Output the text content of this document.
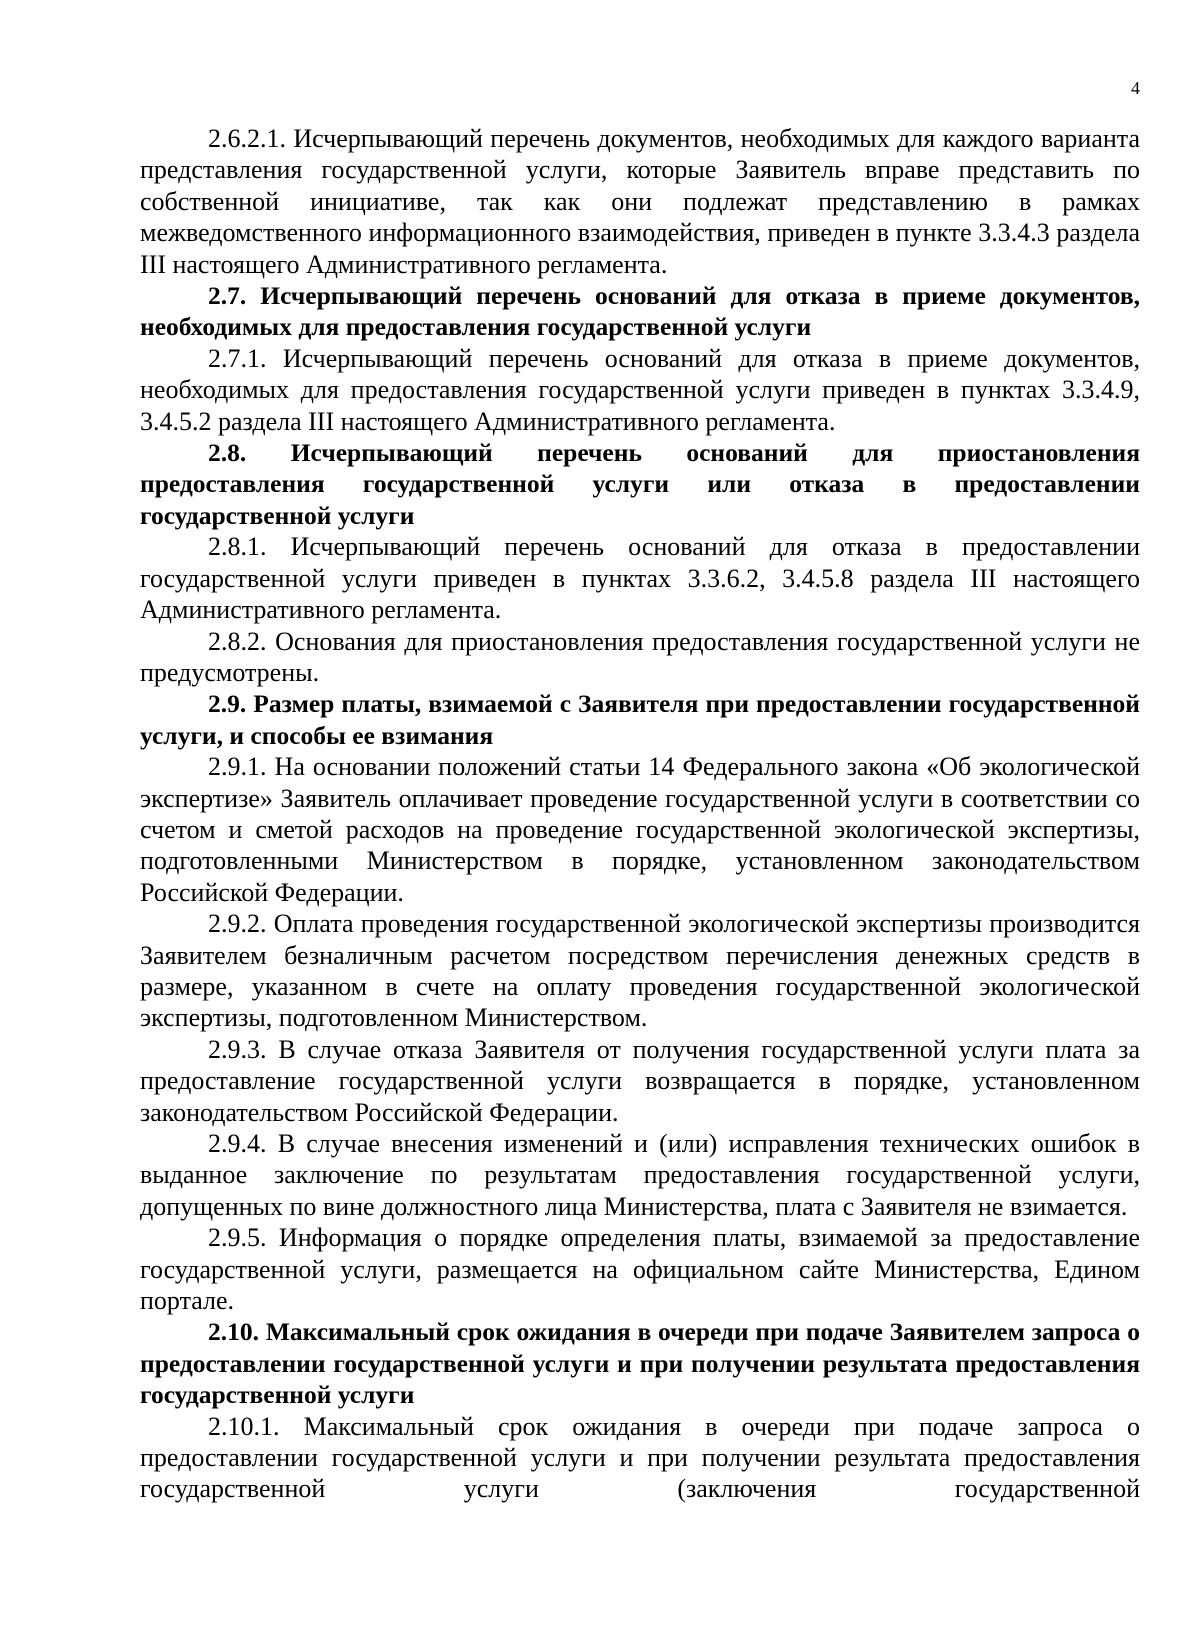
4

2.6.2.1. Исчерпывающий перечень документов, необходимых для каждого варианта представления государственной услуги, которые Заявитель вправе представить по собственной инициативе, так как они подлежат представлению в рамках межведомственного информационного взаимодействия, приведен в пункте 3.3.4.3 раздела III настоящего Административного регламента.

2.7. Исчерпывающий перечень оснований для отказа в приеме документов, необходимых для предоставления государственной услуги

2.7.1. Исчерпывающий перечень оснований для отказа в приеме документов, необходимых для предоставления государственной услуги приведен в пунктах 3.3.4.9, 3.4.5.2 раздела III настоящего Административного регламента.

2.8. Исчерпывающий перечень оснований для приостановления предоставления государственной услуги или отказа в предоставлении государственной услуги

2.8.1. Исчерпывающий перечень оснований для отказа в предоставлении государственной услуги приведен в пунктах 3.3.6.2, 3.4.5.8 раздела III настоящего Административного регламента.

2.8.2. Основания для приостановления предоставления государственной услуги не предусмотрены.

2.9. Размер платы, взимаемой с Заявителя при предоставлении государственной услуги, и способы ее взимания

2.9.1. На основании положений статьи 14 Федерального закона «Об экологической экспертизе» Заявитель оплачивает проведение государственной услуги в соответствии со счетом и сметой расходов на проведение государственной экологической экспертизы, подготовленными Министерством в порядке, установленном законодательством Российской Федерации.

2.9.2. Оплата проведения государственной экологической экспертизы производится Заявителем безналичным расчетом посредством перечисления денежных средств в размере, указанном в счете на оплату проведения государственной экологической экспертизы, подготовленном Министерством.

2.9.3. В случае отказа Заявителя от получения государственной услуги плата за предоставление государственной услуги возвращается в порядке, установленном законодательством Российской Федерации.

2.9.4. В случае внесения изменений и (или) исправления технических ошибок в выданное заключение по результатам предоставления государственной услуги, допущенных по вине должностного лица Министерства, плата с Заявителя не взимается.

2.9.5. Информация о порядке определения платы, взимаемой за предоставление государственной услуги, размещается на официальном сайте Министерства, Едином портале.

2.10. Максимальный срок ожидания в очереди при подаче Заявителем запроса о предоставлении государственной услуги и при получении результата предоставления государственной услуги

2.10.1. Максимальный срок ожидания в очереди при подаче запроса о предоставлении государственной услуги и при получении результата предоставления государственной услуги (заключения государственной
